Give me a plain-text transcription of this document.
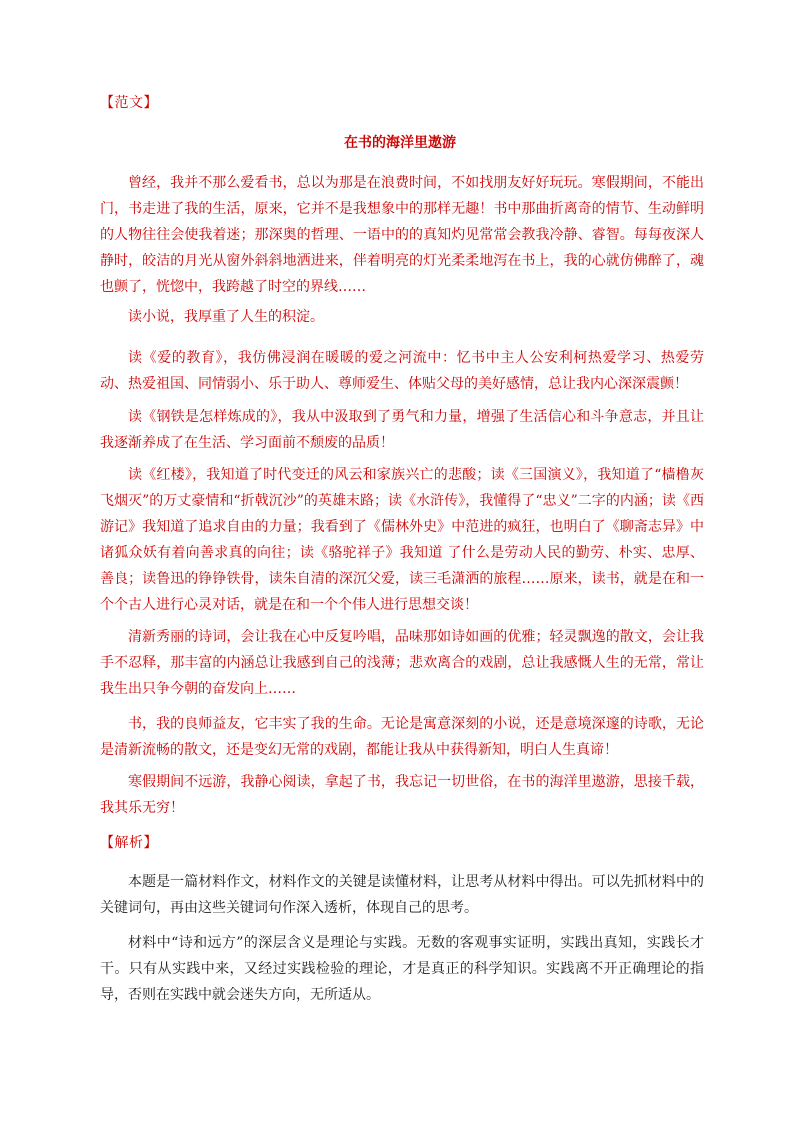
【范文】
在书的海洋里遨游

曾经，我并不那么爱看书，总以为那是在浪费时间，不如找朋友好好玩玩。寒假期间，不能出门，书走进了我的生活，原来，它并不是我想象中的那样无趣！书中那曲折离奇的情节、生动鲜明的人物往往会使我着迷；那深奥的哲理、一语中的的真知灼见常常会教我冷静、睿智。每每夜深人静时，皎洁的月光从窗外斜斜地洒进来，伴着明亮的灯光柔柔地泻在书上，我的心就仿佛醉了，魂也颤了，恍惚中，我跨越了时空的界线……

读小说，我厚重了人生的积淀。

读《爱的教育》，我仿佛浸润在暖暖的爱之河流中：忆书中主人公安利柯热爱学习、热爱劳动、热爱祖国、同情弱小、乐于助人、尊师爱生、体贴父母的美好感情，总让我内心深深震颤！

读《钢铁是怎样炼成的》，我从中汲取到了勇气和力量，增强了生活信心和斗争意志，并且让我逐渐养成了在生活、学习面前不颓废的品质！

读《红楼》，我知道了时代变迁的风云和家族兴亡的悲酸；读《三国演义》，我知道了“樯橹灰飞烟灭”的万丈豪情和“折戟沉沙”的英雄末路；读《水浒传》，我懂得了“忠义”二字的内涵；读《西游记》我知道了追求自由的力量；我看到了《儒林外史》中范进的疯狂，也明白了《聊斋志异》中诸狐众妖有着向善求真的向往；读《骆驼祥子》我知道 了什么是劳动人民的勤劳、朴实、忠厚、善良；读鲁迅的铮铮铁骨，读朱自清的深沉父爱，读三毛潇洒的旅程……原来，读书，就是在和一个个古人进行心灵对话，就是在和一个个伟人进行思想交谈！

清新秀丽的诗词，会让我在心中反复吟唱，品味那如诗如画的优雅；轻灵飘逸的散文，会让我手不忍释，那丰富的内涵总让我感到自己的浅薄；悲欢离合的戏剧，总让我感慨人生的无常，常让我生出只争今朝的奋发向上……

书，我的良师益友，它丰实了我的生命。无论是寓意深刻的小说，还是意境深邃的诗歌，无论是清新流畅的散文，还是变幻无常的戏剧，都能让我从中获得新知，明白人生真谛！

寒假期间不远游，我静心阅读，拿起了书，我忘记一切世俗，在书的海洋里遨游，思接千载，我其乐无穷！

【解析】

本题是一篇材料作文，材料作文的关键是读懂材料，让思考从材料中得出。可以先抓材料中的关键词句，再由这些关键词句作深入透析，体现自己的思考。

材料中“诗和远方”的深层含义是理论与实践。无数的客观事实证明，实践出真知，实践长才干。只有从实践中来，又经过实践检验的理论，才是真正的科学知识。实践离不开正确理论的指导，否则在实践中就会迷失方向，无所适从。
